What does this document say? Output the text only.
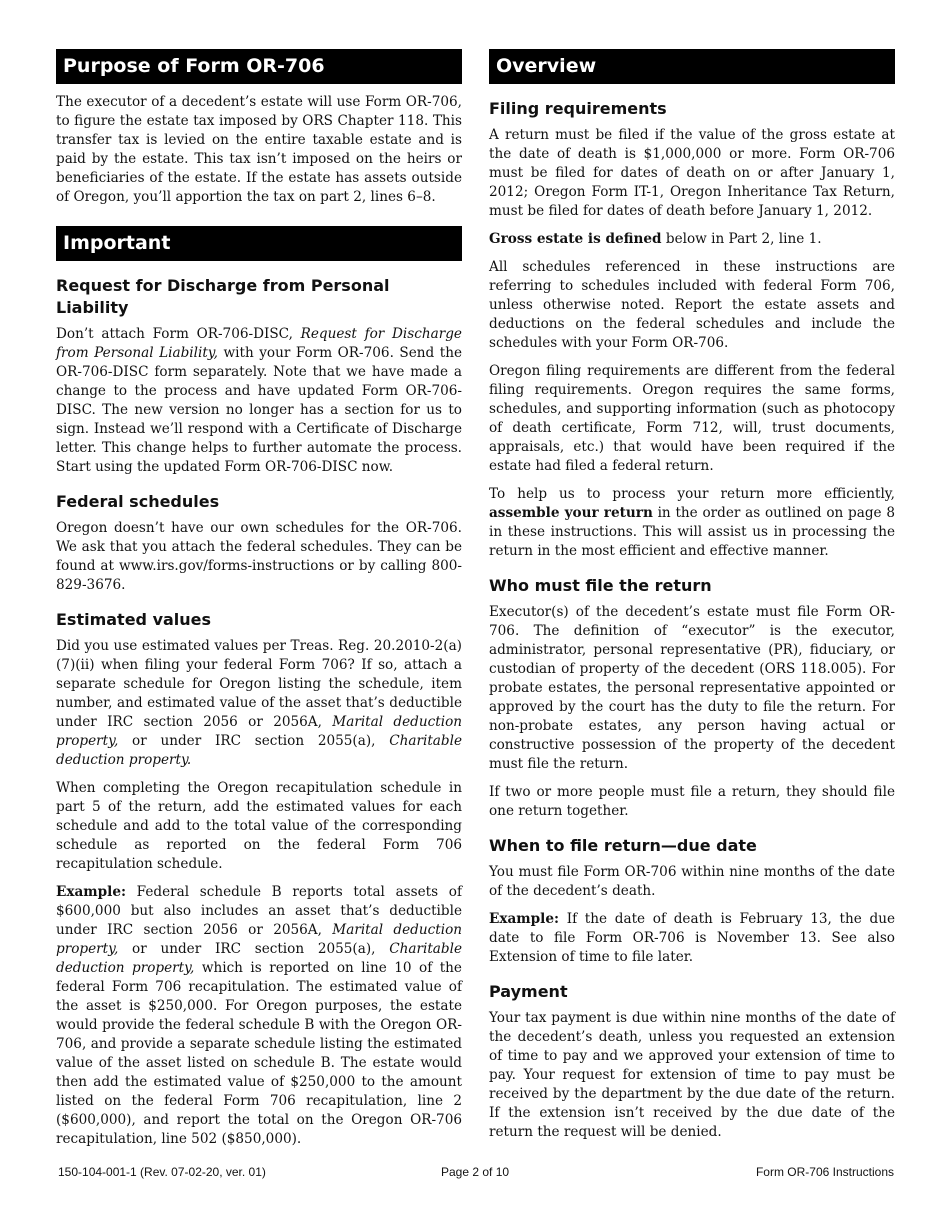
Purpose of Form OR-706

The executor of a decedent’s estate will use Form OR-706, to figure the estate tax imposed by ORS Chapter 118. This transfer tax is levied on the entire taxable estate and is paid by the estate. This tax isn’t imposed on the heirs or beneficiaries of the estate. If the estate has assets outside of Oregon, you’ll apportion the tax on part 2, lines 6–8.

Important
Request for Discharge from Personal Liability

Don’t attach Form OR-706-DISC, Request for Discharge from Personal Liability, with your Form OR-706. Send the OR-706-DISC form separately. Note that we have made a change to the process and have updated Form OR-706-DISC. The new version no longer has a section for us to sign. Instead we’ll respond with a Certificate of Discharge letter. This change helps to further automate the process. Start using the updated Form OR-706-DISC now.

Federal schedules

Oregon doesn’t have our own schedules for the OR-706. We ask that you attach the federal schedules. They can be found at www.irs.gov/forms-instructions or by calling 800-829-3676.

Estimated values

Did you use estimated values per Treas. Reg. 20.2010-2(a)(7)(ii) when filing your federal Form 706? If so, attach a separate schedule for Oregon listing the schedule, item number, and estimated value of the asset that’s deductible under IRC section 2056 or 2056A, Marital deduction property, or under IRC section 2055(a), Charitable deduction property.

When completing the Oregon recapitulation schedule in part 5 of the return, add the estimated values for each schedule and add to the total value of the corresponding schedule as reported on the federal Form 706 recapitulation schedule.

Example: Federal schedule B reports total assets of $600,000 but also includes an asset that’s deductible under IRC section 2056 or 2056A, Marital deduction property, or under IRC section 2055(a), Charitable deduction property, which is reported on line 10 of the federal Form 706 recapitulation. The estimated value of the asset is $250,000. For Oregon purposes, the estate would provide the federal schedule B with the Oregon OR-706, and provide a separate schedule listing the estimated value of the asset listed on schedule B. The estate would then add the estimated value of $250,000 to the amount listed on the federal Form 706 recapitulation, line 2 ($600,000), and report the total on the Oregon OR-706 recapitulation, line 502 ($850,000).

Overview
Filing requirements

A return must be filed if the value of the gross estate at the date of death is $1,000,000 or more. Form OR-706 must be filed for dates of death on or after January 1, 2012; Oregon Form IT-1, Oregon Inheritance Tax Return, must be filed for dates of death before January 1, 2012.

Gross estate is defined below in Part 2, line 1.

All schedules referenced in these instructions are referring to schedules included with federal Form 706, unless otherwise noted. Report the estate assets and deductions on the federal schedules and include the schedules with your Form OR-706.

Oregon filing requirements are different from the federal filing requirements. Oregon requires the same forms, schedules, and supporting information (such as photocopy of death certificate, Form 712, will, trust documents, appraisals, etc.) that would have been required if the estate had filed a federal return.

To help us to process your return more efficiently, assemble your return in the order as outlined on page 8 in these instructions. This will assist us in processing the return in the most efficient and effective manner.

Who must file the return

Executor(s) of the decedent’s estate must file Form OR-706. The definition of “executor” is the executor, administrator, personal representative (PR), fiduciary, or custodian of property of the decedent (ORS 118.005). For probate estates, the personal representative appointed or approved by the court has the duty to file the return. For non-probate estates, any person having actual or constructive possession of the property of the decedent must file the return.

If two or more people must file a return, they should file one return together.

When to file return—due date

You must file Form OR-706 within nine months of the date of the decedent’s death.

Example: If the date of death is February 13, the due date to file Form OR-706 is November 13. See also Extension of time to file later.

Payment

Your tax payment is due within nine months of the date of the decedent’s death, unless you requested an extension of time to pay and we approved your extension of time to pay. Your request for extension of time to pay must be received by the department by the due date of the return. If the extension isn’t received by the due date of the return the request will be denied.

150-104-001-1 (Rev. 07-02-20, ver. 01)	Page 2 of 10	Form OR-706 Instructions
